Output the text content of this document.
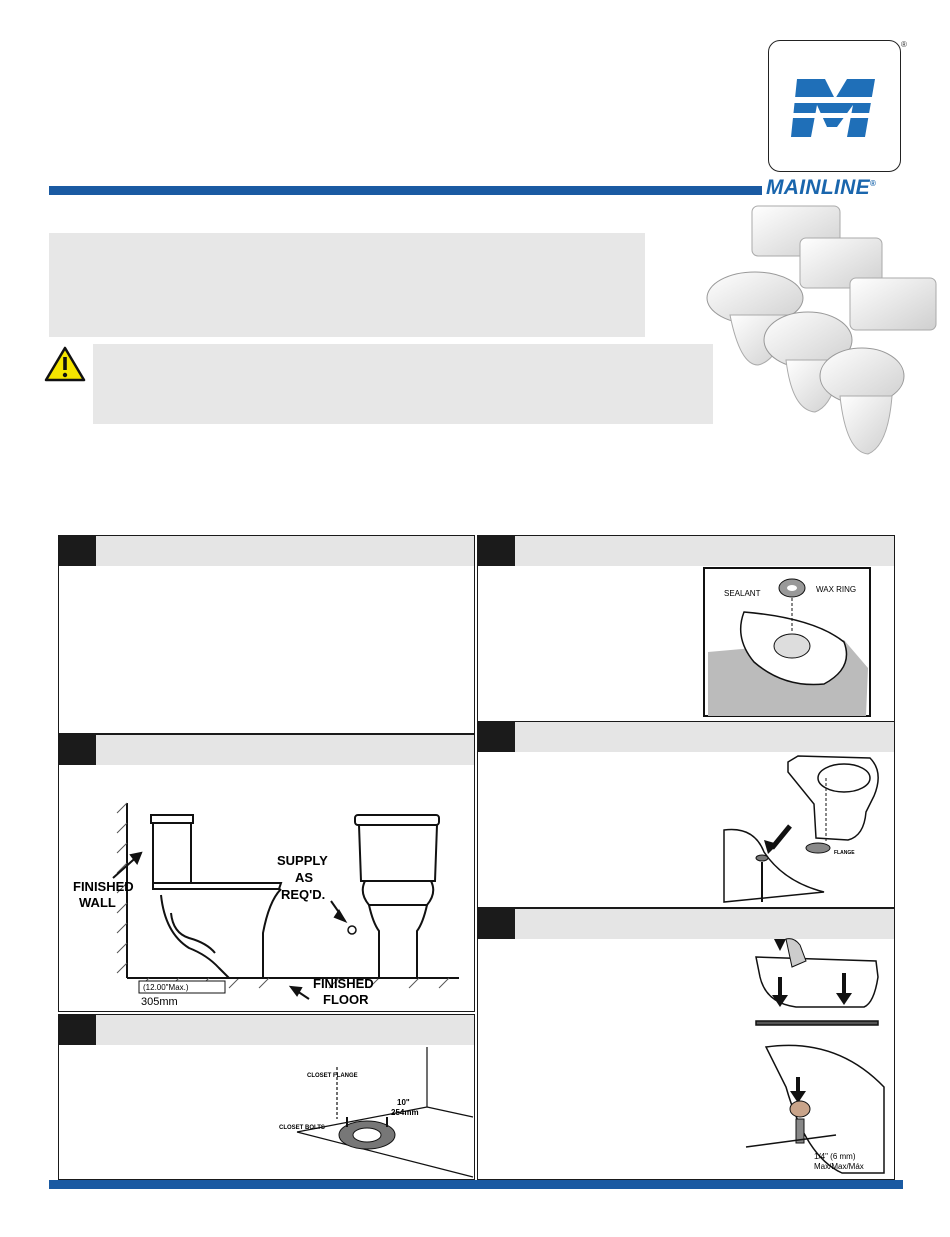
®
MAINLINE®
(12.00"Max.)
305mm
FINISHED
WALL
SUPPLY
AS
REQ'D.
FINISHED
FLOOR
CLOSET FLANGE
CLOSET BOLTS
10"
254mm
SEALANT	WAX RING
FLANGE
1/4" (6 mm)
Max/Max/Máx
